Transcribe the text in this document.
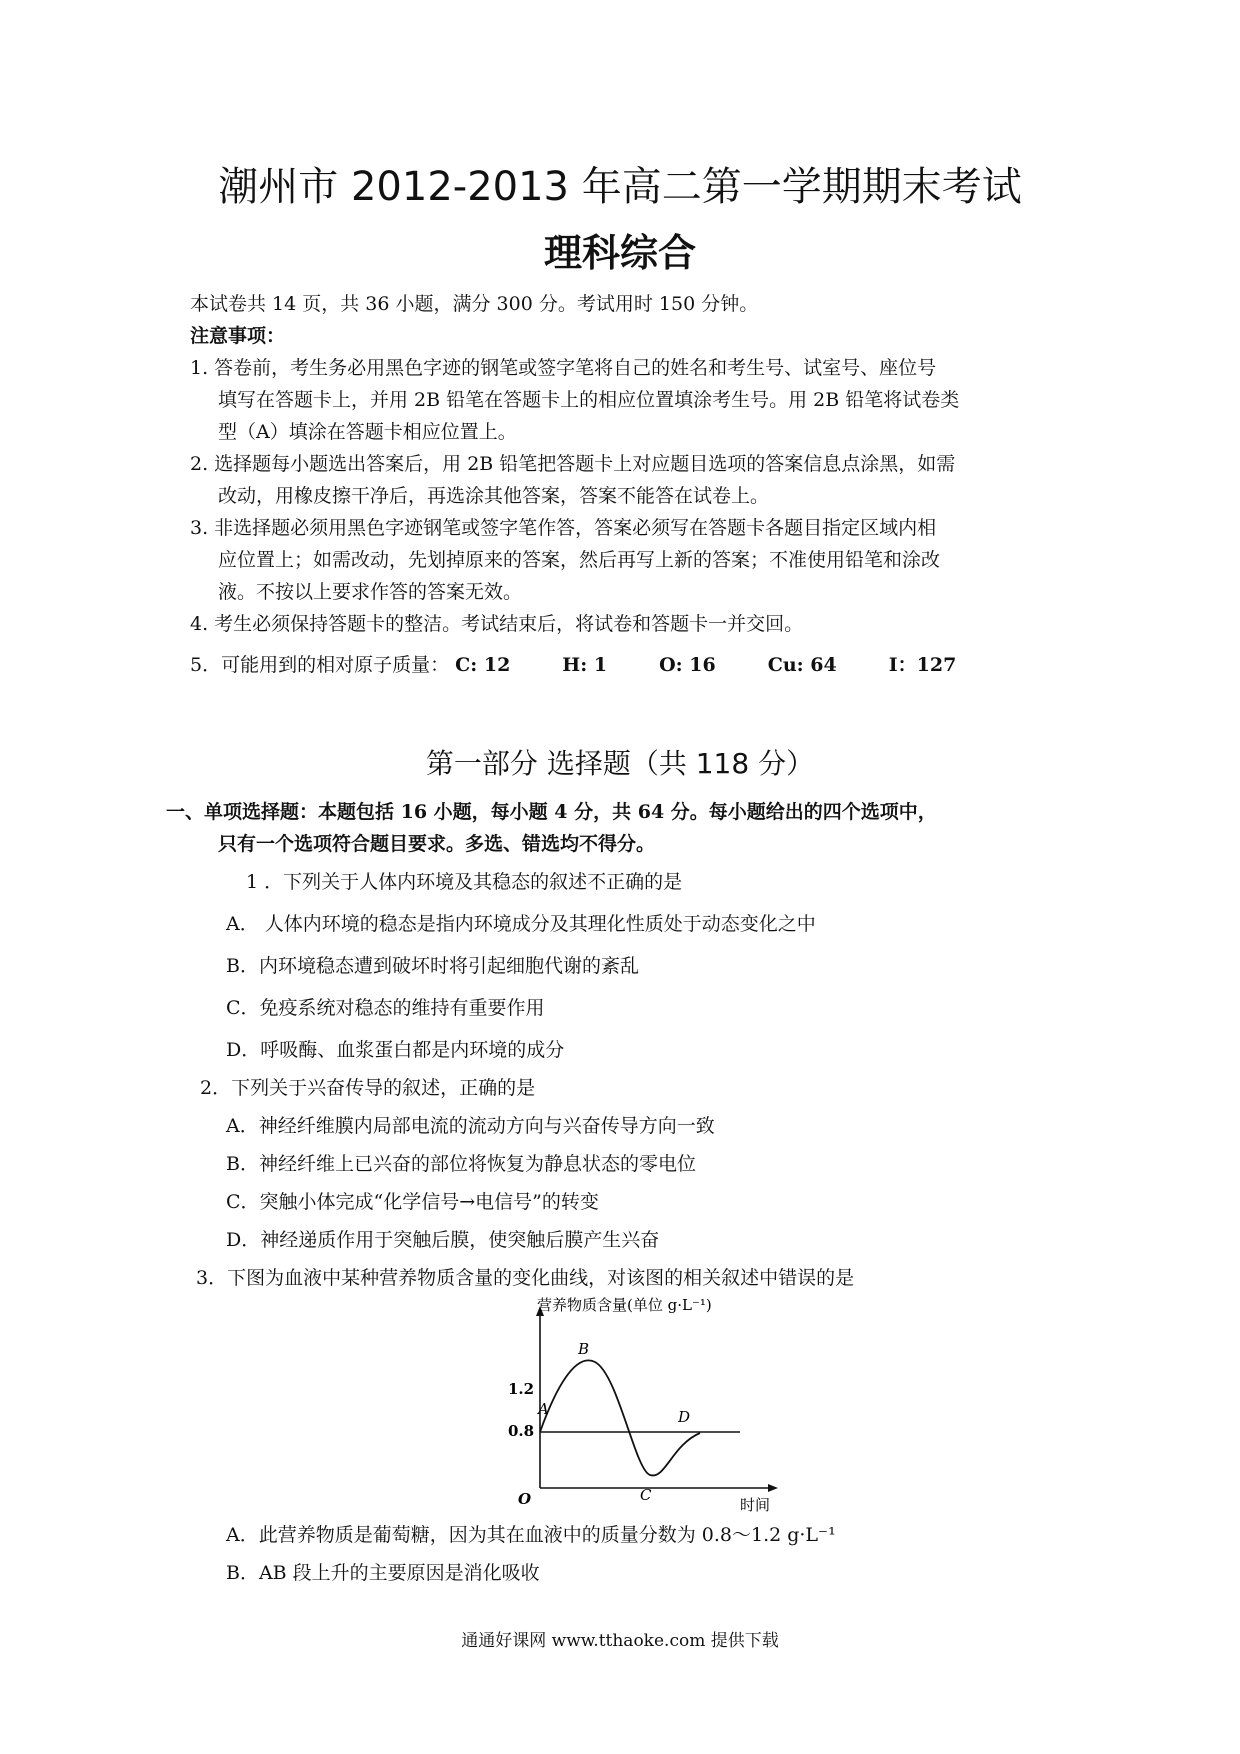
潮州市 2012-2013 年高二第一学期期末考试
理科综合
本试卷共 14 页，共 36 小题，满分 300 分。考试用时 150 分钟。
注意事项：
1. 答卷前，考生务必用黑色字迹的钢笔或签字笔将自己的姓名和考生号、试室号、座位号
填写在答题卡上，并用 2B 铅笔在答题卡上的相应位置填涂考生号。用 2B 铅笔将试卷类
型（A）填涂在答题卡相应位置上。
2. 选择题每小题选出答案后，用 2B 铅笔把答题卡上对应题目选项的答案信息点涂黑，如需
改动，用橡皮擦干净后，再选涂其他答案，答案不能答在试卷上。
3. 非选择题必须用黑色字迹钢笔或签字笔作答，答案必须写在答题卡各题目指定区域内相
应位置上；如需改动，先划掉原来的答案，然后再写上新的答案；不准使用铅笔和涂改
液。不按以上要求作答的答案无效。
4. 考生必须保持答题卡的整洁。考试结束后，将试卷和答题卡一并交回。
5．可能用到的相对原子质量： C: 12	H: 1	O: 16	Cu: 64	I：127
第一部分 选择题（共 118 分）
一、单项选择题：本题包括 16 小题，每小题 4 分，共 64 分。每小题给出的四个选项中，
只有一个选项符合题目要求。多选、错选均不得分。
1 ．下列关于人体内环境及其稳态的叙述不正确的是
A． 人体内环境的稳态是指内环境成分及其理化性质处于动态变化之中
B．内环境稳态遭到破坏时将引起细胞代谢的紊乱
C．免疫系统对稳态的维持有重要作用
D．呼吸酶、血浆蛋白都是内环境的成分
2．下列关于兴奋传导的叙述，正确的是
A．神经纤维膜内局部电流的流动方向与兴奋传导方向一致
B．神经纤维上已兴奋的部位将恢复为静息状态的零电位
C．突触小体完成“化学信号→电信号”的转变
D．神经递质作用于突触后膜，使突触后膜产生兴奋
3．下图为血液中某种营养物质含量的变化曲线，对该图的相关叙述中错误的是
营养物质含量(单位 g·L⁻¹)
1.2
0.8
O	时间
A
B
C
D
A．此营养物质是葡萄糖，因为其在血液中的质量分数为 0.8～1.2 g·L⁻¹
B．AB 段上升的主要原因是消化吸收
通通好课网 www.tthaoke.com 提供下载
